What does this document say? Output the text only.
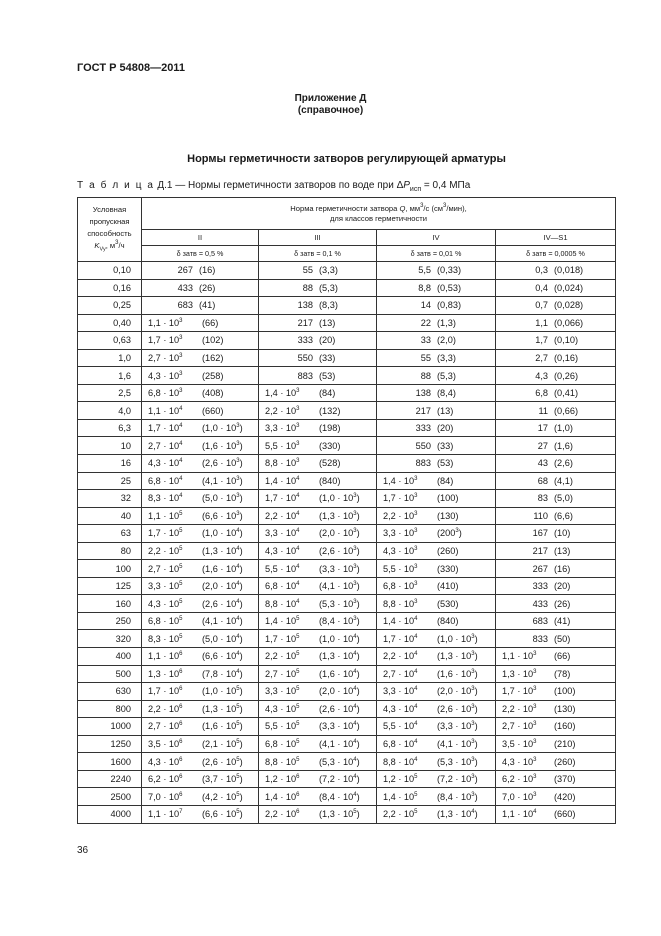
ГОСТ Р 54808—2011
Приложение Д
(справочное)
Нормы герметичности затворов регулирующей арматуры
Т а б л и ц а Д.1 — Нормы герметичности затворов по воде при $\Delta P_{исп} = 0,4$ МПа
Условная
пропускная
способность
$K_{Vy}$, $м^3/ч$	Норма герметичности затвора Q, $мм^3/с$ $(см^3/мин)$,
для классов герметичности			
	II	III	IV	IV—S1
	δ затв = 0,5 %	δ затв = 0,1 %	δ затв = 0,01 %	δ затв = 0,0005 %
0,10	267 (16)	55 (3,3)	5,5 (0,33)	0,3 (0,018)

0,16	433 (26)	88 (5,3)	8,8 (0,53)	0,4 (0,024)

0,25	683 (41)	138 (8,3)	14 (0,83)	0,7 (0,028)

0,40	$1,1 \cdot 10^3$ (66)	217 (13)	22 (1,3)	1,1 (0,066)

0,63	$1,7 \cdot 10^3$ (102)	333 (20)	33 (2,0)	1,7 (0,10)

1,0	$2,7 \cdot 10^3$ (162)	550 (33)	55 (3,3)	2,7 (0,16)

1,6	$4,3 \cdot 10^3$ (258)	883 (53)	88 (5,3)	4,3 (0,26)

2,5	$6,8 \cdot 10^3$ (408)	$1,4 \cdot 10^3$ (84)	138 (8,4)	6,8 (0,41)

4,0	$1,1 \cdot 10^4$ (660)	$2,2 \cdot 10^3$ (132)	217 (13)	11 (0,66)

6,3	$1,7 \cdot 10^4$ $(1,0 \cdot 10^3)$	$3,3 \cdot 10^3$ (198)	333 (20)	17 (1,0)

10	$2,7 \cdot 10^4$ $(1,6 \cdot 10^3)$	$5,5 \cdot 10^3$ (330)	550 (33)	27 (1,6)

16	$4,3 \cdot 10^4$ $(2,6 \cdot 10^3)$	$8,8 \cdot 10^3$ (528)	883 (53)	43 (2,6)

25	$6,8 \cdot 10^4$ $(4,1 \cdot 10^3)$	$1,4 \cdot 10^4$ (840)	$1,4 \cdot 10^3$ (84)	68 (4,1)

32	$8,3 \cdot 10^4$ $(5,0 \cdot 10^3)$	$1,7 \cdot 10^4$ $(1,0 \cdot 10^3)$	$1,7 \cdot 10^3$ (100)	83 (5,0)

40	$1,1 \cdot 10^5$ $(6,6 \cdot 10^3)$	$2,2 \cdot 10^4$ $(1,3 \cdot 10^3)$	$2,2 \cdot 10^3$ (130)	110 (6,6)

63	$1,7 \cdot 10^5$ $(1,0 \cdot 10^4)$	$3,3 \cdot 10^4$ $(2,0 \cdot 10^3)$	$3,3 \cdot 10^3$ $(200^3)$	167 (10)

80	$2,2 \cdot 10^5$ $(1,3 \cdot 10^4)$	$4,3 \cdot 10^4$ $(2,6 \cdot 10^3)$	$4,3 \cdot 10^3$ (260)	217 (13)

100	$2,7 \cdot 10^5$ $(1,6 \cdot 10^4)$	$5,5 \cdot 10^4$ $(3,3 \cdot 10^3)$	$5,5 \cdot 10^3$ (330)	267 (16)

125	$3,3 \cdot 10^5$ $(2,0 \cdot 10^4)$	$6,8 \cdot 10^4$ $(4,1 \cdot 10^3)$	$6,8 \cdot 10^3$ (410)	333 (20)

160	$4,3 \cdot 10^5$ $(2,6 \cdot 10^4)$	$8,8 \cdot 10^4$ $(5,3 \cdot 10^3)$	$8,8 \cdot 10^3$ (530)	433 (26)

250	$6,8 \cdot 10^5$ $(4,1 \cdot 10^4)$	$1,4 \cdot 10^5$ $(8,4 \cdot 10^3)$	$1,4 \cdot 10^4$ (840)	683 (41)

320	$8,3 \cdot 10^5$ $(5,0 \cdot 10^4)$	$1,7 \cdot 10^5$ $(1,0 \cdot 10^4)$	$1,7 \cdot 10^4$ $(1,0 \cdot 10^3)$	833 (50)

400	$1,1 \cdot 10^6$ $(6,6 \cdot 10^4)$	$2,2 \cdot 10^5$ $(1,3 \cdot 10^4)$	$2,2 \cdot 10^4$ $(1,3 \cdot 10^3)$	$1,1 \cdot 10^3$ (66)

500	$1,3 \cdot 10^6$ $(7,8 \cdot 10^4)$	$2,7 \cdot 10^5$ $(1,6 \cdot 10^4)$	$2,7 \cdot 10^4$ $(1,6 \cdot 10^3)$	$1,3 \cdot 10^3$ (78)

630	$1,7 \cdot 10^6$ $(1,0 \cdot 10^5)$	$3,3 \cdot 10^5$ $(2,0 \cdot 10^4)$	$3,3 \cdot 10^4$ $(2,0 \cdot 10^3)$	$1,7 \cdot 10^3$ (100)

800	$2,2 \cdot 10^6$ $(1,3 \cdot 10^5)$	$4,3 \cdot 10^5$ $(2,6 \cdot 10^4)$	$4,3 \cdot 10^4$ $(2,6 \cdot 10^3)$	$2,2 \cdot 10^3$ (130)

1000	$2,7 \cdot 10^6$ $(1,6 \cdot 10^5)$	$5,5 \cdot 10^5$ $(3,3 \cdot 10^4)$	$5,5 \cdot 10^4$ $(3,3 \cdot 10^3)$	$2,7 \cdot 10^3$ (160)

1250	$3,5 \cdot 10^6$ $(2,1 \cdot 10^5)$	$6,8 \cdot 10^5$ $(4,1 \cdot 10^4)$	$6,8 \cdot 10^4$ $(4,1 \cdot 10^3)$	$3,5 \cdot 10^3$ (210)

1600	$4,3 \cdot 10^6$ $(2,6 \cdot 10^5)$	$8,8 \cdot 10^5$ $(5,3 \cdot 10^4)$	$8,8 \cdot 10^4$ $(5,3 \cdot 10^3)$	$4,3 \cdot 10^3$ (260)

2240	$6,2 \cdot 10^6$ $(3,7 \cdot 10^5)$	$1,2 \cdot 10^6$ $(7,2 \cdot 10^4)$	$1,2 \cdot 10^5$ $(7,2 \cdot 10^3)$	$6,2 \cdot 10^3$ (370)

2500	$7,0 \cdot 10^6$ $(4,2 \cdot 10^5)$	$1,4 \cdot 10^6$ $(8,4 \cdot 10^4)$	$1,4 \cdot 10^5$ $(8,4 \cdot 10^3)$	$7,0 \cdot 10^3$ (420)

4000	$1,1 \cdot 10^7$ $(6,6 \cdot 10^5)$	$2,2 \cdot 10^6$ $(1,3 \cdot 10^5)$	$2,2 \cdot 10^5$ $(1,3 \cdot 10^4)$	$1,1 \cdot 10^4$ (660)
36
